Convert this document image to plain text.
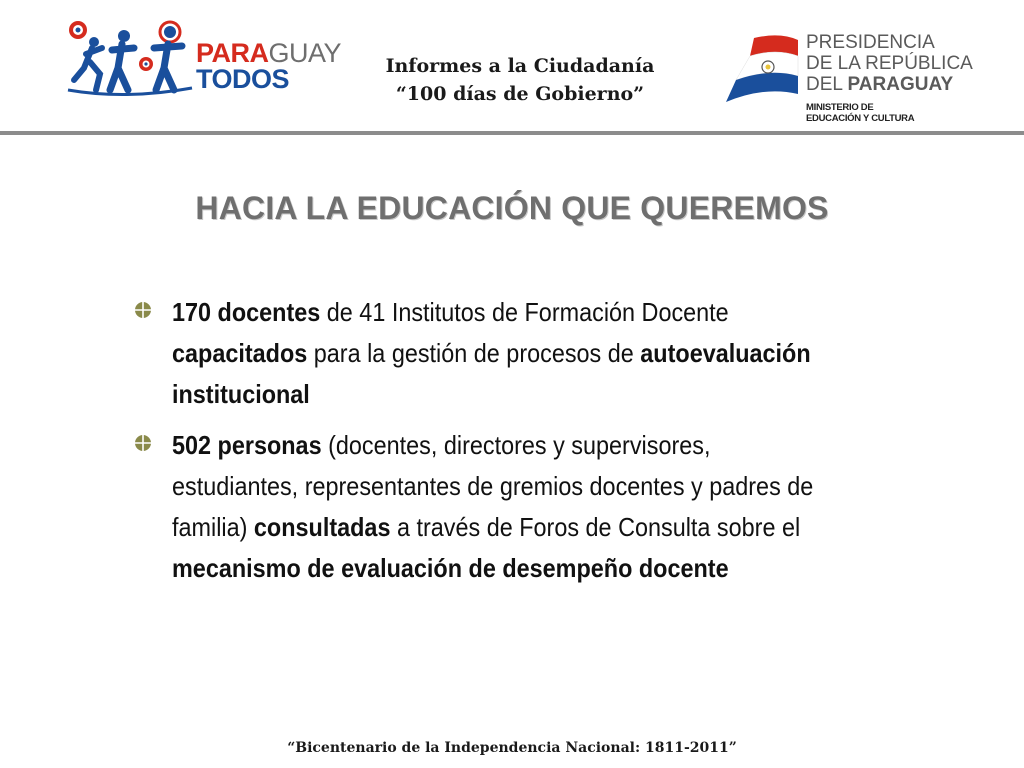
PARAGUAY
TODOS	Informes a la Ciudadanía
“100 días de Gobierno”
PRESIDENCIA
DE LA REPÚBLICA
DEL PARAGUAY
MINISTERIO DE
EDUCACIÓN Y CULTURA
HACIA LA EDUCACIÓN QUE QUEREMOS
170 docentes de 41 Institutos de Formación Docente capacitados para la gestión de procesos de autoevaluación institucional
502 personas (docentes, directores y supervisores, estudiantes, representantes de gremios docentes y padres de familia) consultadas a través de Foros de Consulta sobre el mecanismo de evaluación de desempeño docente
“Bicentenario de la Independencia Nacional: 1811-2011”
